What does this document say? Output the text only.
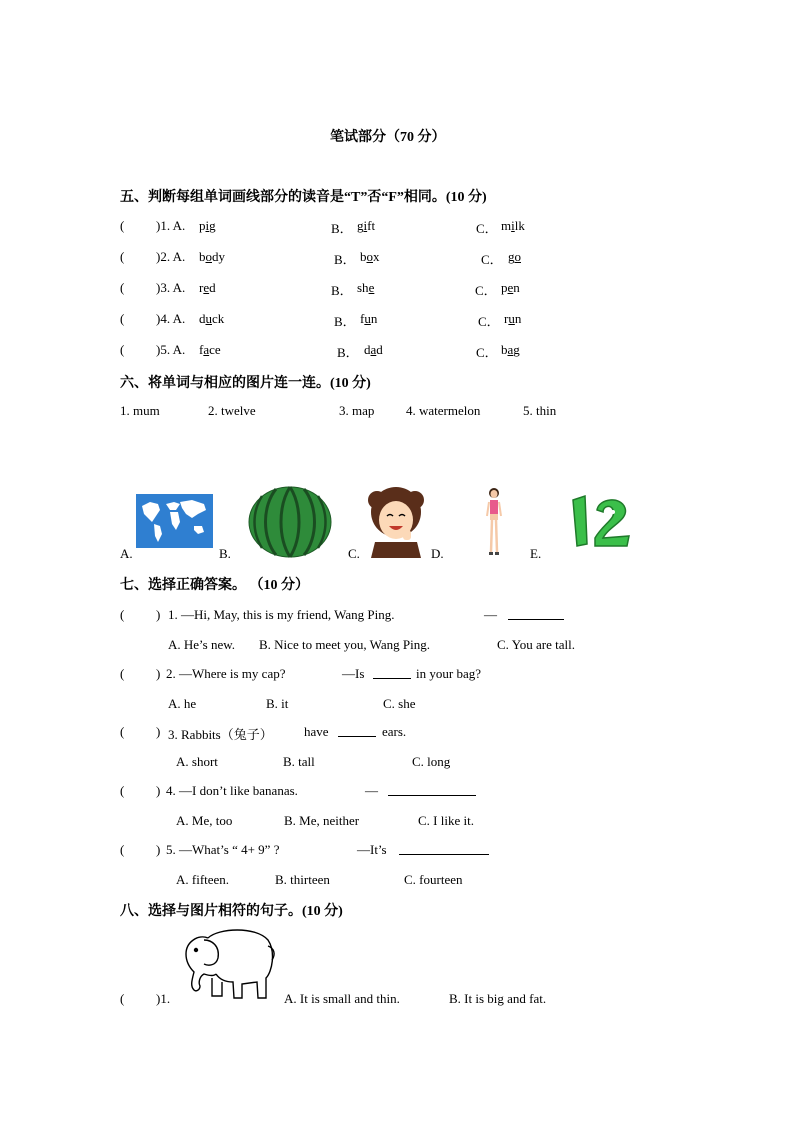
笔试部分（70 分）
五、判断每组单词画线部分的读音是“T”否“F”相同。(10 分)
( )1. A. pig	B． gift	C． milk
( )2. A. body	B． box	C． go
( )3. A. red	B． she	C． pen
( )4. A. duck	B． fun	C． run
( )5. A. face	B． dad	C． bag
六、将单词与相应的图片连一连。(10 分)
1. mum	2. twelve	3. map 4. watermelon	5. thin
A.	B.	C.	D.	E.
七、选择正确答案。 （10 分）
( ) 1. —Hi, May, this is my friend, Wang Ping.	—
A. He’s new. B. Nice to meet you, Wang Ping.	C. You are tall.
( ) 2. —Where is my cap?	—Is	in your bag?
A. he	B. it	C. she
( ) 3. Rabbits（兔子） have	ears.
A. short	B. tall	C. long
( ) 4. —I don’t like bananas.	—
A. Me, too	B. Me, neither	C. I like it.
( ) 5. —What’s “ 4+ 9” ?	—It’s
A. fifteen.	B. thirteen	C. fourteen
八、选择与图片相符的句子。(10 分)
( )1.	A. It is small and thin.	B. It is big and fat.
